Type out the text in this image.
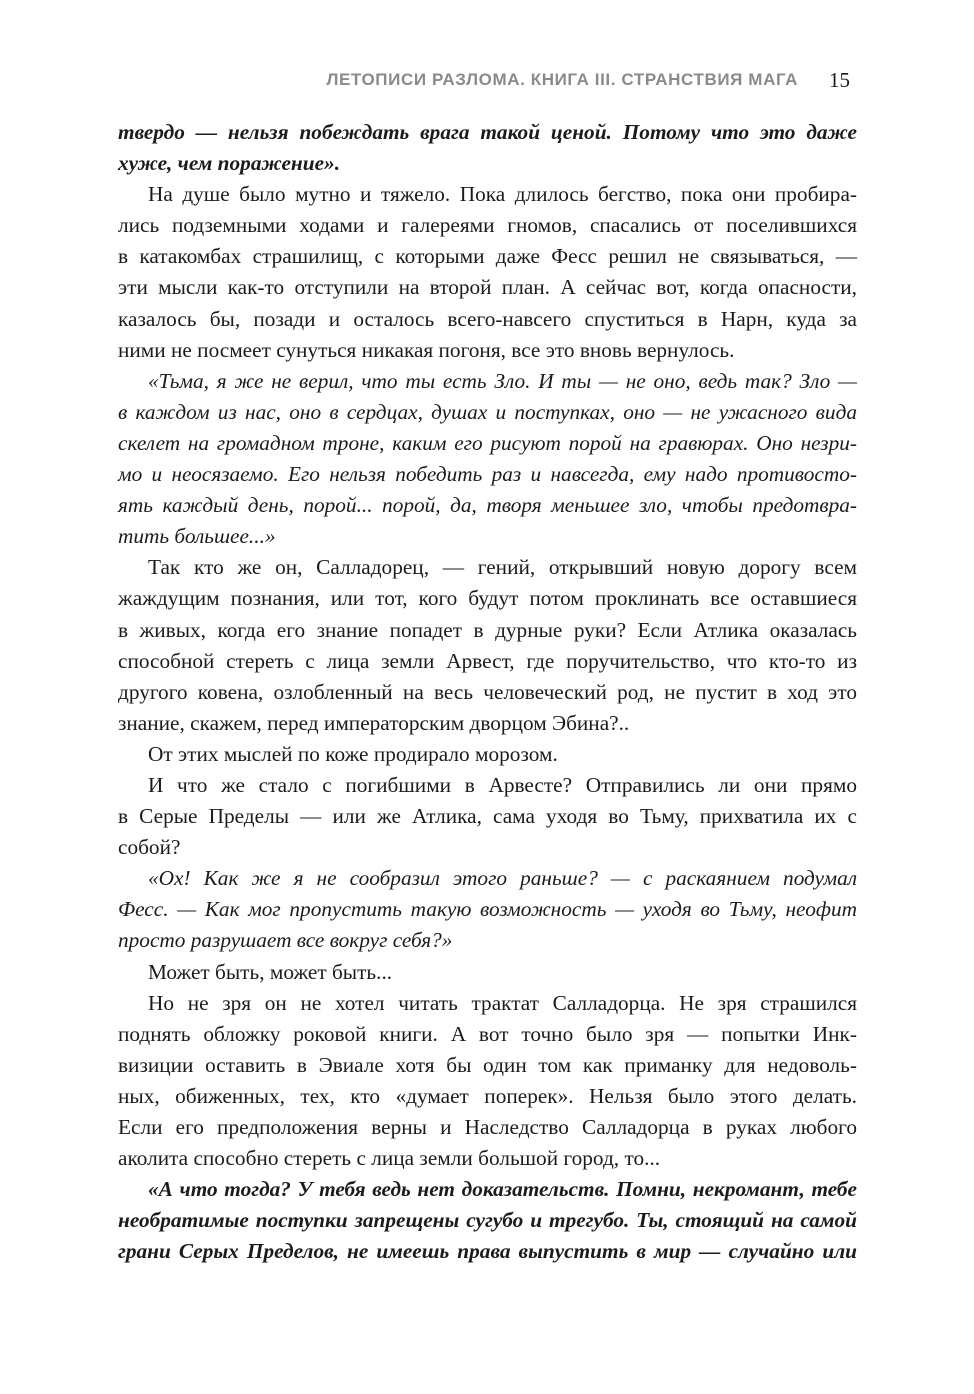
ЛЕТОПИСИ РАЗЛОМА. КНИГА III. СТРАНСТВИЯ МАГА 15

твердо — нельзя побеждать врага такой ценой. Потому что это даже

хуже, чем поражение».

На душе было мутно и тяжело. Пока длилось бегство, пока они пробира-

лись подземными ходами и галереями гномов, спасались от поселившихся

в катакомбах страшилищ, с которыми даже Фесс решил не связываться, —

эти мысли как-то отступили на второй план. А сейчас вот, когда опасности,

казалось бы, позади и осталось всего-навсего спуститься в Нарн, куда за

ними не посмеет сунуться никакая погоня, все это вновь вернулось.

«Тьма, я же не верил, что ты есть Зло. И ты — не оно, ведь так? Зло —

в каждом из нас, оно в сердцах, душах и поступках, оно — не ужасного вида

скелет на громадном троне, каким его рисуют порой на гравюрах. Оно незри-

мо и неосязаемо. Его нельзя победить раз и навсегда, ему надо противосто-

ять каждый день, порой... порой, да, творя меньшее зло, чтобы предотвра-

тить большее...»

Так кто же он, Салладорец, — гений, открывший новую дорогу всем

жаждущим познания, или тот, кого будут потом проклинать все оставшиеся

в живых, когда его знание попадет в дурные руки? Если Атлика оказалась

способной стереть с лица земли Арвест, где поручительство, что кто-то из

другого ковена, озлобленный на весь человеческий род, не пустит в ход это

знание, скажем, перед императорским дворцом Эбина?..

От этих мыслей по коже продирало морозом.

И что же стало с погибшими в Арвесте? Отправились ли они прямо

в Серые Пределы — или же Атлика, сама уходя во Тьму, прихватила их с

собой?

«Ох! Как же я не сообразил этого раньше? — с раскаянием подумал

Фесс. — Как мог пропустить такую возможность — уходя во Тьму, неофит

просто разрушает все вокруг себя?»

Может быть, может быть...

Но не зря он не хотел читать трактат Салладорца. Не зря страшился

поднять обложку роковой книги. А вот точно было зря — попытки Инк-

визиции оставить в Эвиале хотя бы один том как приманку для недоволь-

ных, обиженных, тех, кто «думает поперек». Нельзя было этого делать.

Если его предположения верны и Наследство Салладорца в руках любого

аколита способно стереть с лица земли большой город, то...

«А что тогда? У тебя ведь нет доказательств. Помни, некромант, тебе

необратимые поступки запрещены сугубо и трегубо. Ты, стоящий на самой

грани Серых Пределов, не имеешь права выпустить в мир — случайно или
